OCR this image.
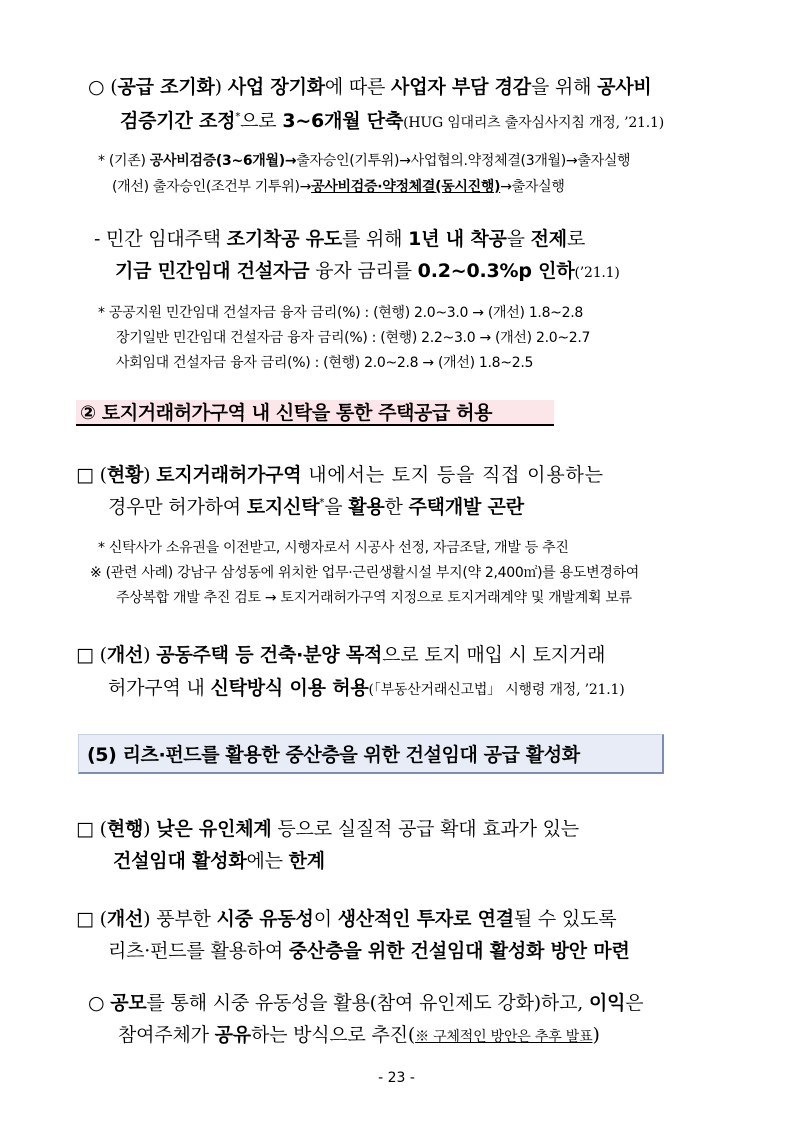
○ (공급 조기화) 사업 장기화에 따른 사업자 부담 경감을 위해 공사비
검증기간 조정*으로 3~6개월 단축(HUG 임대리츠 출자심사지침 개정, ’21.1)
* (기존) 공사비검증(3~6개월)→출자승인(기투위)→사업협의.약정체결(3개월)→출자실행
(개선) 출자승인(조건부 기투위)→공사비검증·약정체결(동시진행)→출자실행
- 민간 임대주택 조기착공 유도를 위해 1년 내 착공을 전제로
기금 민간임대 건설자금 융자 금리를 0.2~0.3%p 인하(’21.1)
* 공공지원 민간임대 건설자금 융자 금리(%) : (현행) 2.0~3.0 → (개선) 1.8~2.8
장기일반 민간임대 건설자금 융자 금리(%) : (현행) 2.2~3.0 → (개선) 2.0~2.7
사회임대 건설자금 융자 금리(%) : (현행) 2.0~2.8 → (개선) 1.8~2.5
② 토지거래허가구역 내 신탁을 통한 주택공급 허용
□ (현황) 토지거래허가구역 내에서는 토지 등을 직접 이용하는
경우만 허가하여 토지신탁*을 활용한 주택개발 곤란
* 신탁사가 소유권을 이전받고, 시행자로서 시공사 선정, 자금조달, 개발 등 추진
※ (관련 사례) 강남구 삼성동에 위치한 업무·근린생활시설 부지(약 2,400㎡)를 용도변경하여
주상복합 개발 추진 검토 → 토지거래허가구역 지정으로 토지거래계약 및 개발계획 보류
□ (개선) 공동주택 등 건축·분양 목적으로 토지 매입 시 토지거래
허가구역 내 신탁방식 이용 허용(「부동산거래신고법」 시행령 개정, ’21.1)
(5) 리츠·펀드를 활용한 중산층을 위한 건설임대 공급 활성화
□ (현행) 낮은 유인체계 등으로 실질적 공급 확대 효과가 있는
건설임대 활성화에는 한계
□ (개선) 풍부한 시중 유동성이 생산적인 투자로 연결될 수 있도록
리츠·펀드를 활용하여 중산층을 위한 건설임대 활성화 방안 마련
○ 공모를 통해 시중 유동성을 활용(참여 유인제도 강화)하고, 이익은
참여주체가 공유하는 방식으로 추진(※ 구체적인 방안은 추후 발표)
- 23 -
